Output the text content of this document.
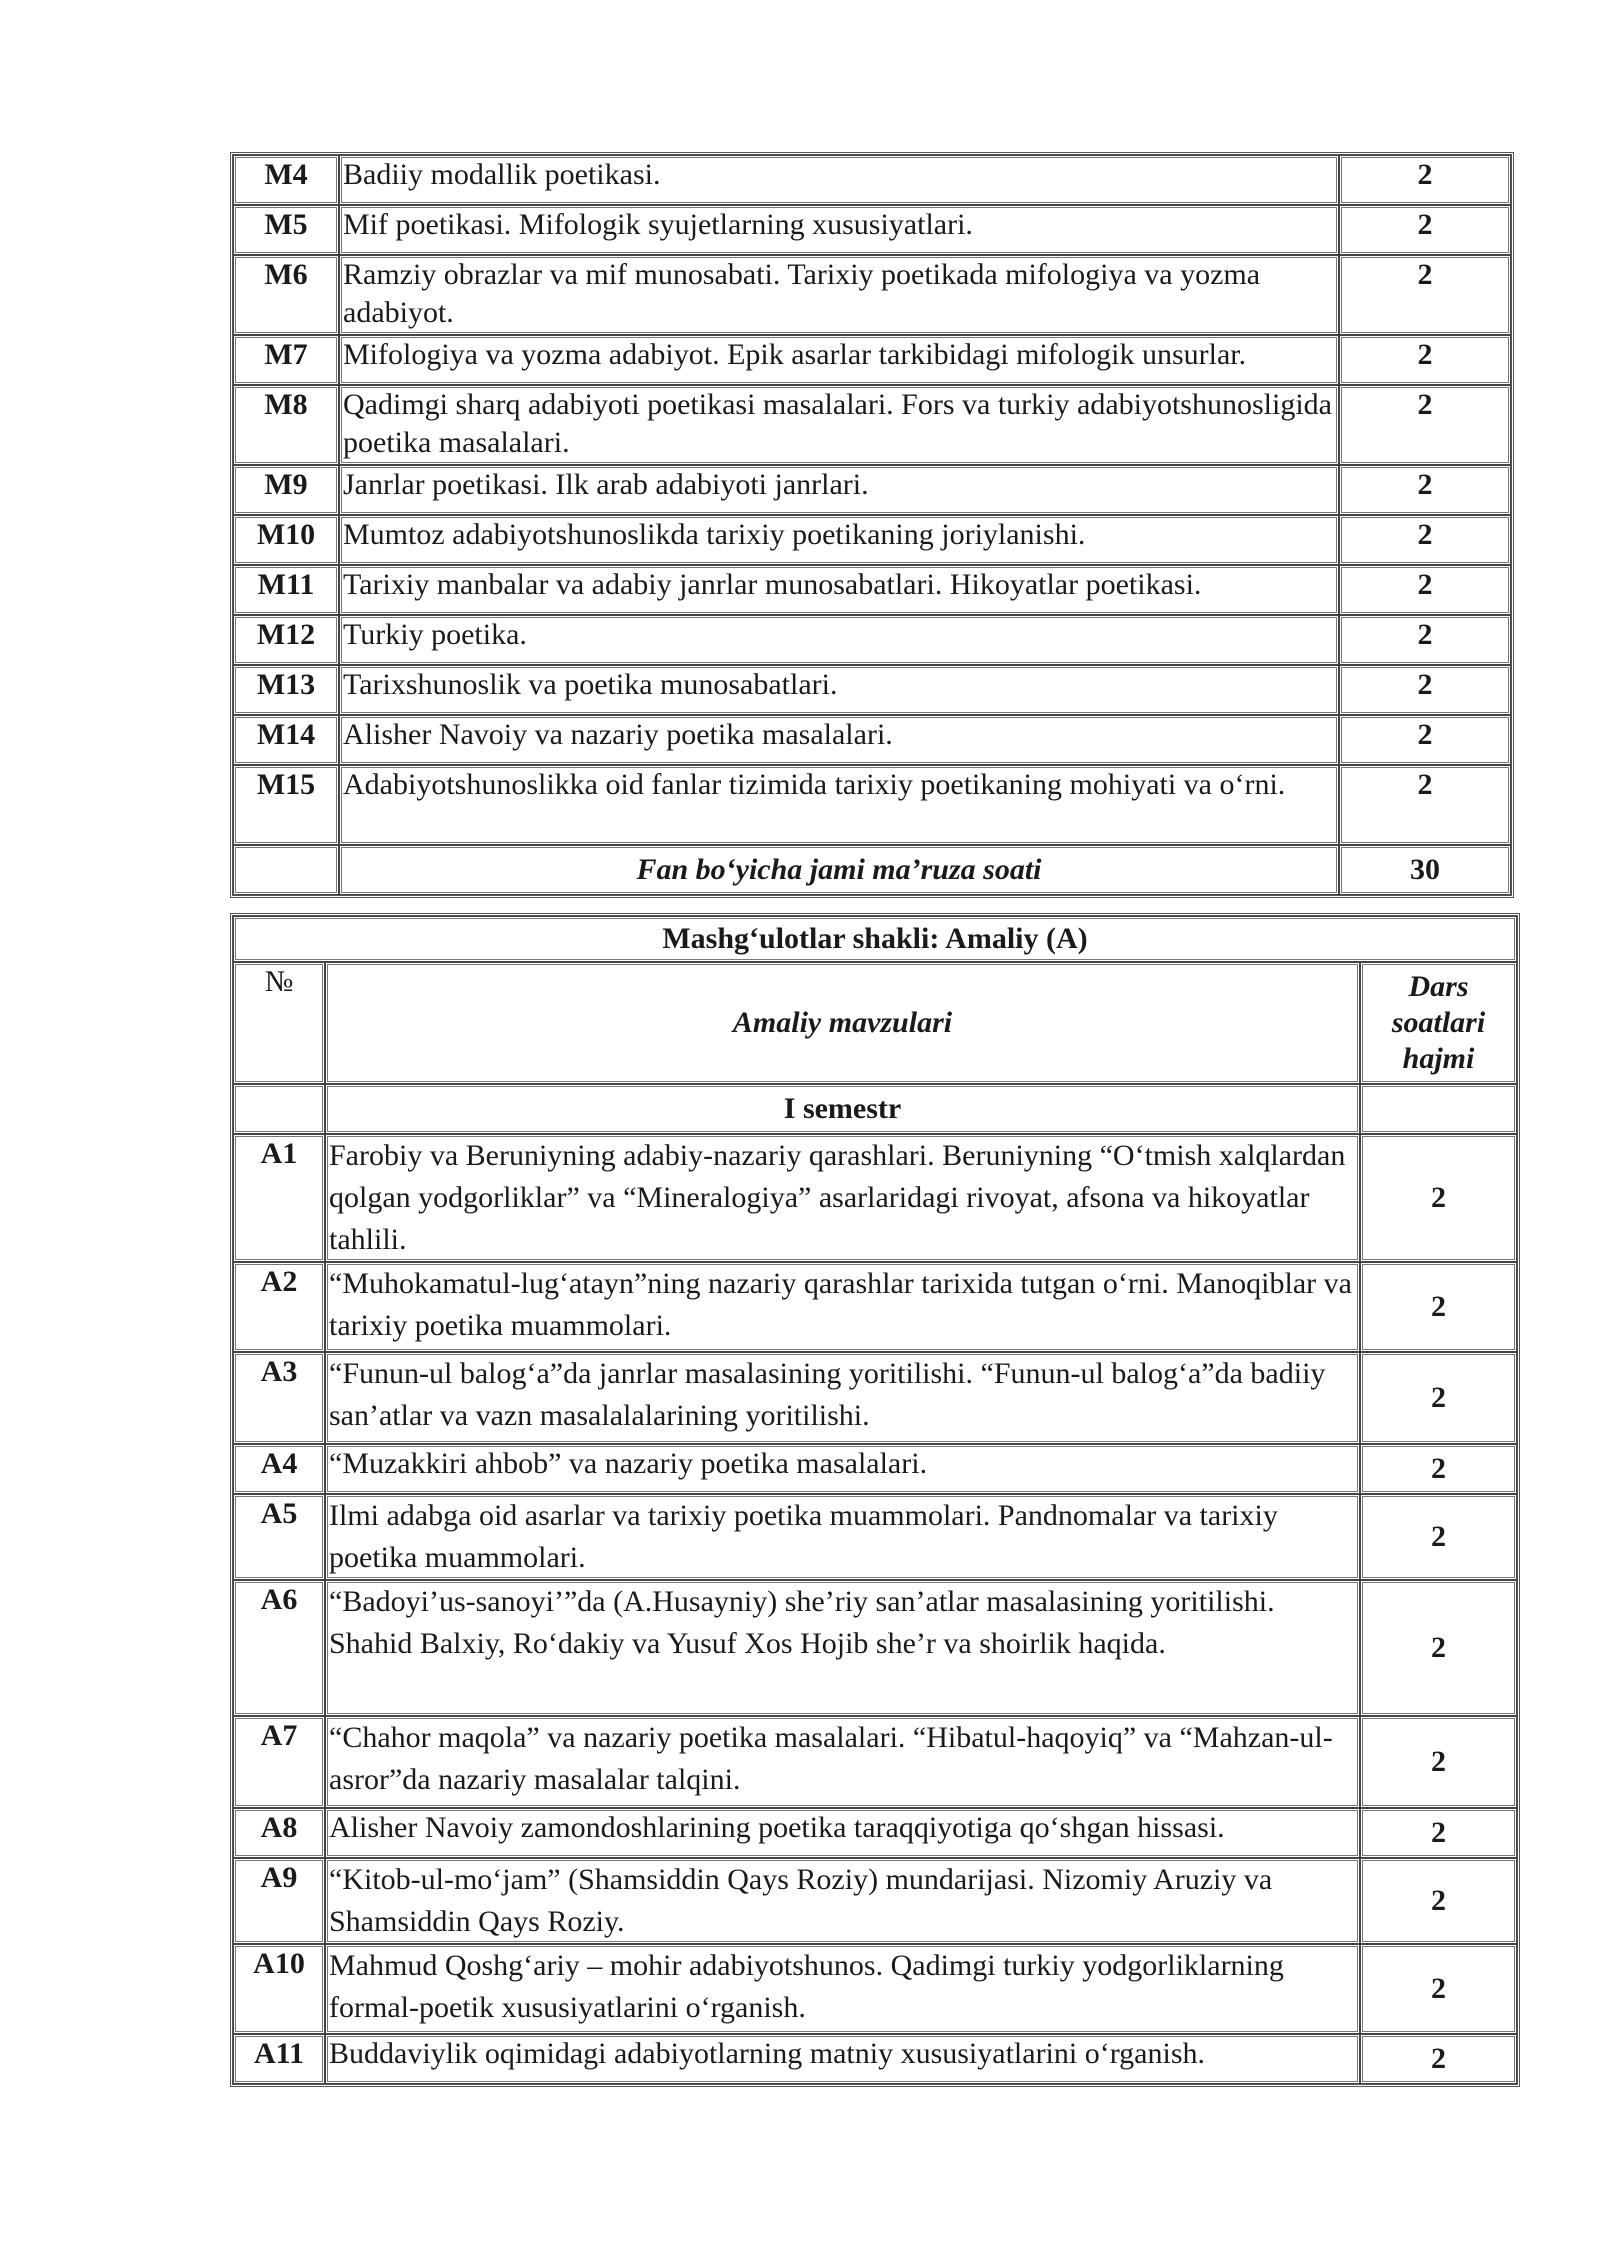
M4	Badiiy modallik poetikasi.	2
M5	Mif poetikasi. Mifologik syujetlarning xususiyatlari.	2
M6	Ramziy obrazlar va mif munosabati. Tarixiy poetikada mifologiya va yozma adabiyot.	2
M7	Mifologiya va yozma adabiyot. Epik asarlar tarkibidagi mifologik unsurlar.	2
M8	Qadimgi sharq adabiyoti poetikasi masalalari. Fors va turkiy adabiyotshunosligida poetika masalalari.	2
M9	Janrlar poetikasi. Ilk arab adabiyoti janrlari.	2
M10	Mumtoz adabiyotshunoslikda tarixiy poetikaning joriylanishi.	2
M11	Tarixiy manbalar va adabiy janrlar munosabatlari. Hikoyatlar poetikasi.	2
M12	Turkiy poetika.	2
M13	Tarixshunoslik va poetika munosabatlari.	2
M14	Alisher Navoiy va nazariy poetika masalalari.	2
M15	Adabiyotshunoslikka oid fanlar tizimida tarixiy poetikaning mohiyati va o‘rni.	2
	Fan bo‘yicha jami ma’ruza soati	30
Mashg‘ulotlar shakli: Amaliy (A)		
№	Amaliy mavzulari	Dars soatlari hajmi
	I semestr	
A1	Farobiy va Beruniyning adabiy-nazariy qarashlari. Beruniyning “O‘tmish xalqlardan qolgan yodgorliklar” va “Mineralogiya” asarlaridagi rivoyat, afsona va hikoyatlar tahlili.	2
A2	“Muhokamatul-lug‘atayn”ning nazariy qarashlar tarixida tutgan o‘rni. Manoqiblar va tarixiy poetika muammolari.	2
A3	“Funun-ul balog‘a”da janrlar masalasining yoritilishi. “Funun-ul balog‘a”da badiiy san’atlar va vazn masalalalarining yoritilishi.	2
A4	“Muzakkiri ahbob” va nazariy poetika masalalari.	2
A5	Ilmi adabga oid asarlar va tarixiy poetika muammolari. Pandnomalar va tarixiy poetika muammolari.	2
A6	“Badoyi’us-sanoyi’”da (A.Husayniy) she’riy san’atlar masalasining yoritilishi. Shahid Balxiy, Ro‘dakiy va Yusuf Xos Hojib she’r va shoirlik haqida.	2
A7	“Chahor maqola” va nazariy poetika masalalari. “Hibatul-haqoyiq” va “Mahzan-ul-asror”da nazariy masalalar talqini.	2
A8	Alisher Navoiy zamondoshlarining poetika taraqqiyotiga qo‘shgan hissasi.	2
A9	“Kitob-ul-mo‘jam” (Shamsiddin Qays Roziy) mundarijasi. Nizomiy Aruziy va Shamsiddin Qays Roziy.	2
A10	Mahmud Qoshg‘ariy – mohir adabiyotshunos. Qadimgi turkiy yodgorliklarning formal-poetik xususiyatlarini o‘rganish.	2
A11	Buddaviylik oqimidagi adabiyotlarning matniy xususiyatlarini o‘rganish.	2
